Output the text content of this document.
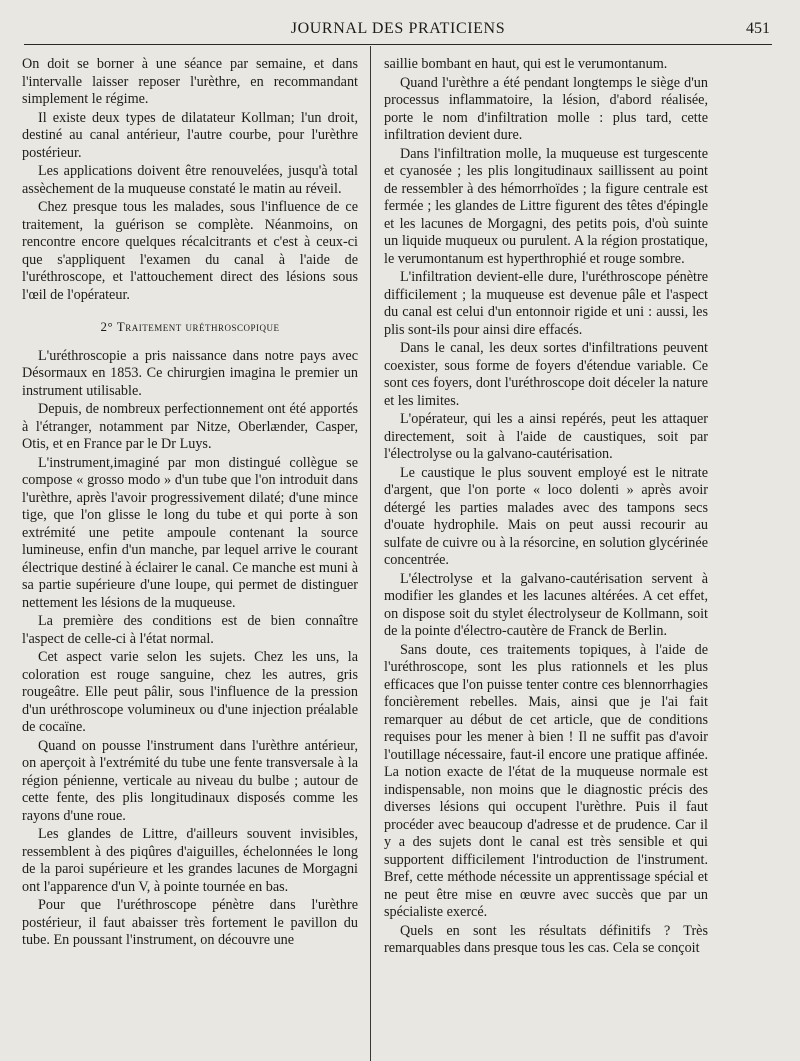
JOURNAL DES PRATICIENS	451

On doit se borner à une séance par semaine, et dans l'intervalle laisser reposer l'urèthre, en recommandant simplement le régime.

Il existe deux types de dilatateur Kollman; l'un droit, destiné au canal antérieur, l'autre courbe, pour l'urèthre postérieur.

Les applications doivent être renouvelées, jusqu'à total assèchement de la muqueuse constaté le matin au réveil.

Chez presque tous les malades, sous l'influence de ce traitement, la guérison se complète. Néanmoins, on rencontre encore quelques récalcitrants et c'est à ceux-ci que s'appliquent l'examen du canal à l'aide de l'uréthroscope, et l'attouchement direct des lésions sous l'œil de l'opérateur.

2° Traitement uréthroscopique

L'uréthroscopie a pris naissance dans notre pays avec Désormaux en 1853. Ce chirurgien imagina le premier un instrument utilisable.

Depuis, de nombreux perfectionnement ont été apportés à l'étranger, notamment par Nitze, Oberlænder, Casper, Otis, et en France par le Dr Luys.

L'instrument,imaginé par mon distingué collègue se compose « grosso modo » d'un tube que l'on introduit dans l'urèthre, après l'avoir progressivement dilaté; d'une mince tige, que l'on glisse le long du tube et qui porte à son extrémité une petite ampoule contenant la source lumineuse, enfin d'un manche, par lequel arrive le courant électrique destiné à éclairer le canal. Ce manche est muni à sa partie supérieure d'une loupe, qui permet de distinguer nettement les lésions de la muqueuse.

La première des conditions est de bien connaître l'aspect de celle-ci à l'état normal.

Cet aspect varie selon les sujets. Chez les uns, la coloration est rouge sanguine, chez les autres, gris rougeâtre. Elle peut pâlir, sous l'influence de la pression d'un uréthroscope volumineux ou d'une injection préalable de cocaïne.

Quand on pousse l'instrument dans l'urèthre antérieur, on aperçoit à l'extrémité du tube une fente transversale à la région pénienne, verticale au niveau du bulbe ; autour de cette fente, des plis longitudinaux disposés comme les rayons d'une roue.

Les glandes de Littre, d'ailleurs souvent invisibles, ressemblent à des piqûres d'aiguilles, échelonnées le long de la paroi supérieure et les grandes lacunes de Morgagni ont l'apparence d'un V, à pointe tournée en bas.

Pour que l'uréthroscope pénètre dans l'urèthre postérieur, il faut abaisser très fortement le pavillon du tube. En poussant l'instrument, on découvre une

saillie bombant en haut, qui est le verumontanum.

Quand l'urèthre a été pendant longtemps le siège d'un processus inflammatoire, la lésion, d'abord réalisée, porte le nom d'infiltration molle : plus tard, cette infiltration devient dure.

Dans l'infiltration molle, la muqueuse est turgescente et cyanosée ; les plis longitudinaux saillissent au point de ressembler à des hémorrhoïdes ; la figure centrale est fermée ; les glandes de Littre figurent des têtes d'épingle et les lacunes de Morgagni, des petits pois, d'où suinte un liquide muqueux ou purulent. A la région prostatique, le verumontanum est hyperthrophié et rouge sombre.

L'infiltration devient-elle dure, l'uréthroscope pénètre difficilement ; la muqueuse est devenue pâle et l'aspect du canal est celui d'un entonnoir rigide et uni : aussi, les plis sont-ils pour ainsi dire effacés.

Dans le canal, les deux sortes d'infiltrations peuvent coexister, sous forme de foyers d'étendue variable. Ce sont ces foyers, dont l'uréthroscope doit déceler la nature et les limites.

L'opérateur, qui les a ainsi repérés, peut les attaquer directement, soit à l'aide de caustiques, soit par l'électrolyse ou la galvano-cautérisation.

Le caustique le plus souvent employé est le nitrate d'argent, que l'on porte « loco dolenti » après avoir détergé les parties malades avec des tampons secs d'ouate hydrophile. Mais on peut aussi recourir au sulfate de cuivre ou à la résorcine, en solution glycérinée concentrée.

L'électrolyse et la galvano-cautérisation servent à modifier les glandes et les lacunes altérées. A cet effet, on dispose soit du stylet électrolyseur de Kollmann, soit de la pointe d'électro-cautère de Franck de Berlin.

Sans doute, ces traitements topiques, à l'aide de l'uréthroscope, sont les plus rationnels et les plus efficaces que l'on puisse tenter contre ces blennorrhagies foncièrement rebelles. Mais, ainsi que je l'ai fait remarquer au début de cet article, que de conditions requises pour les mener à bien ! Il ne suffit pas d'avoir l'outillage nécessaire, faut-il encore une pratique affinée. La notion exacte de l'état de la muqueuse normale est indispensable, non moins que le diagnostic précis des diverses lésions qui occupent l'urèthre. Puis il faut procéder avec beaucoup d'adresse et de prudence. Car il y a des sujets dont le canal est très sensible et qui supportent difficilement l'introduction de l'instrument. Bref, cette méthode nécessite un apprentissage spécial et ne peut être mise en œuvre avec succès que par un spécialiste exercé.

Quels en sont les résultats définitifs ? Très remarquables dans presque tous les cas. Cela se conçoit
